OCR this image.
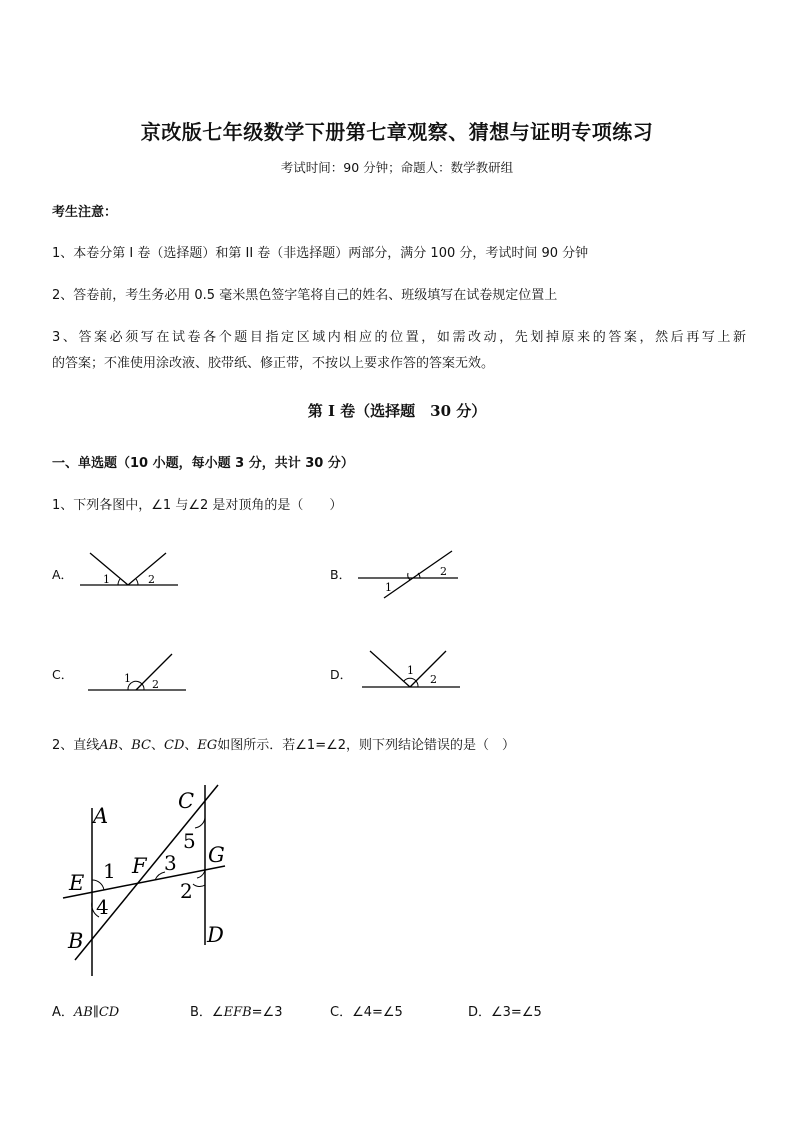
京改版七年级数学下册第七章观察、猜想与证明专项练习
考试时间：90 分钟；命题人：数学教研组
考生注意：
1、本卷分第 I 卷（选择题）和第 II 卷（非选择题）两部分，满分 100 分，考试时间 90 分钟
2、答卷前，考生务必用 0.5 毫米黑色签字笔将自己的姓名、班级填写在试卷规定位置上
3、答案必须写在试卷各个题目指定区域内相应的位置，如需改动，先划掉原来的答案，然后再写上新
的答案；不准使用涂改液、胶带纸、修正带，不按以上要求作答的答案无效。
第 I 卷（选择题　30 分）
一、单选题（10 小题，每小题 3 分，共计 30 分）
1、下列各图中，∠1 与∠2 是对顶角的是（　　）
A．	1	2	B．
1
2
C．	1 2
D．	1
2
2、直线AB、BC、CD、EG如图所示．若∠1=∠2，则下列结论错误的是（　）
A
B
C
D
E
F	G
1
2
3
4
5
A．AB∥CD	B．∠EFB=∠3	C．∠4=∠5	D．∠3=∠5
